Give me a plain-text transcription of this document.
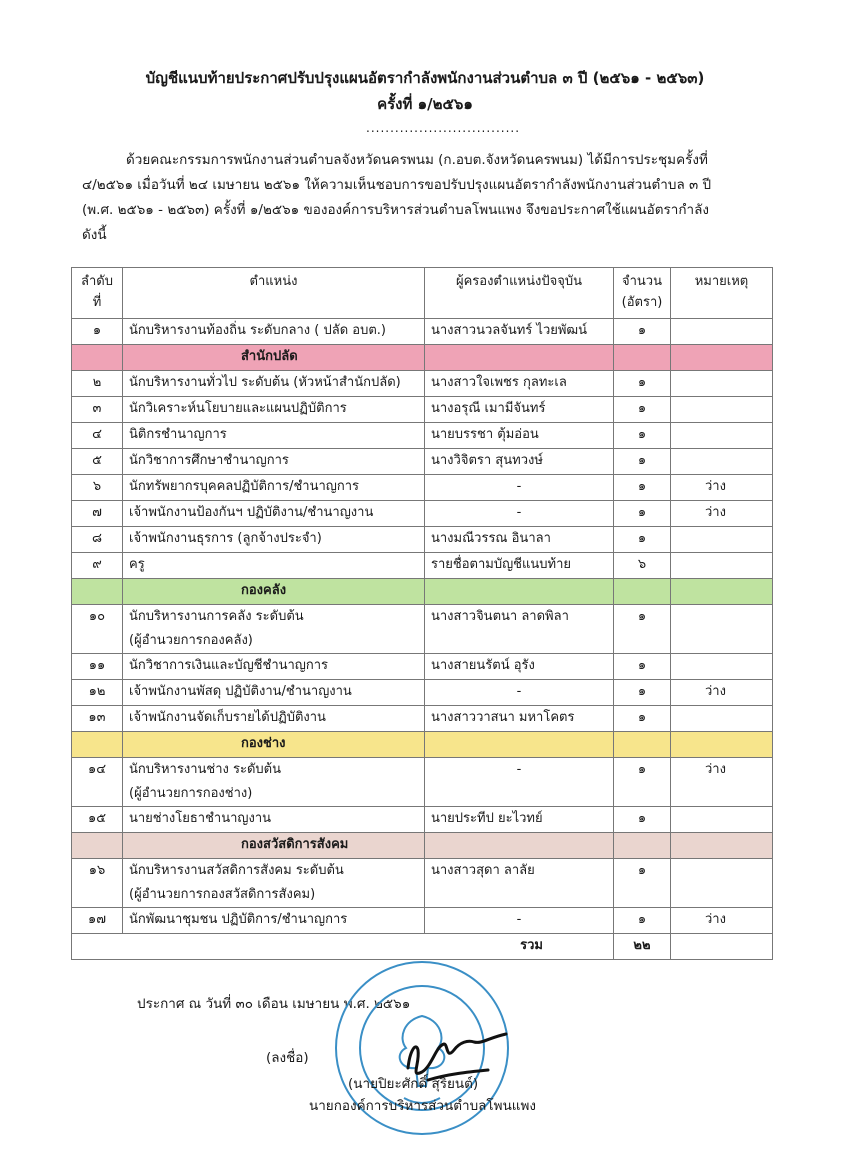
บัญชีแนบท้ายประกาศปรับปรุงแผนอัตรากำลังพนักงานส่วนตำบล ๓ ปี (๒๕๖๑ - ๒๕๖๓)
ครั้งที่ ๑/๒๕๖๑
................................
ด้วยคณะกรรมการพนักงานส่วนตำบลจังหวัดนครพนม (ก.อบต.จังหวัดนครพนม) ได้มีการประชุมครั้งที่
๔/๒๕๖๑ เมื่อวันที่ ๒๔ เมษายน ๒๕๖๑ ให้ความเห็นชอบการขอปรับปรุงแผนอัตรากำลังพนักงานส่วนตำบล ๓ ปี
(พ.ศ. ๒๕๖๑ - ๒๕๖๓) ครั้งที่ ๑/๒๕๖๑ ขององค์การบริหารส่วนตำบลโพนแพง จึงขอประกาศใช้แผนอัตรากำลัง
ดังนี้
ลำดับที่	ตำแหน่ง	ผู้ครองตำแหน่งปัจจุบัน	จำนวน (อัตรา)	หมายเหตุ
๑	นักบริหารงานท้องถิ่น ระดับกลาง ( ปลัด อบต.)	นางสาวนวลจันทร์ ไวยพัฒน์	๑	
	สำนักปลัด			
๒	นักบริหารงานทั่วไป ระดับต้น (หัวหน้าสำนักปลัด)	นางสาวใจเพชร กุลทะเล	๑	
๓	นักวิเคราะห์นโยบายและแผนปฏิบัติการ	นางอรุณี เมามีจันทร์	๑	
๔	นิติกรชำนาญการ	นายบรรชา ตุ้มอ่อน	๑	
๕	นักวิชาการศึกษาชำนาญการ	นางวิจิตรา สุนทวงษ์	๑	
๖	นักทรัพยากรบุคคลปฏิบัติการ/ชำนาญการ	-	๑	ว่าง
๗	เจ้าพนักงานป้องกันฯ ปฏิบัติงาน/ชำนาญงาน	-	๑	ว่าง
๘	เจ้าพนักงานธุรการ (ลูกจ้างประจำ)	นางมณีวรรณ อินาลา	๑	
๙	ครู	รายชื่อตามบัญชีแนบท้าย	๖	
	กองคลัง			
๑๐	นักบริหารงานการคลัง ระดับต้น
(ผู้อำนวยการกองคลัง)	นางสาวจินตนา ลาดพิลา	๑	
๑๑	นักวิชาการเงินและบัญชีชำนาญการ	นางสายนรัตน์ อุรัง	๑	
๑๒	เจ้าพนักงานพัสดุ ปฏิบัติงาน/ชำนาญงาน	-	๑	ว่าง
๑๓	เจ้าพนักงานจัดเก็บรายได้ปฏิบัติงาน	นางสาววาสนา มหาโคตร	๑	
	กองช่าง			
๑๔	นักบริหารงานช่าง ระดับต้น
(ผู้อำนวยการกองช่าง)	-	๑	ว่าง
๑๕	นายช่างโยธาชำนาญงาน	นายประทีป ยะไวทย์	๑	
	กองสวัสดิการสังคม			
๑๖	นักบริหารงานสวัสดิการสังคม ระดับต้น
(ผู้อำนวยการกองสวัสดิการสังคม)	นางสาวสุดา ลาลัย	๑	
๑๗	นักพัฒนาชุมชน ปฏิบัติการ/ชำนาญการ	-	๑	ว่าง
รวม			๒๒	
ประกาศ ณ วันที่ ๓๐ เดือน เมษายน พ.ศ. ๒๕๖๑
(ลงชื่อ)
(นายปิยะศักดิ์ สุริยนต์)
นายกองค์การบริหารส่วนตำบลโพนแพง
